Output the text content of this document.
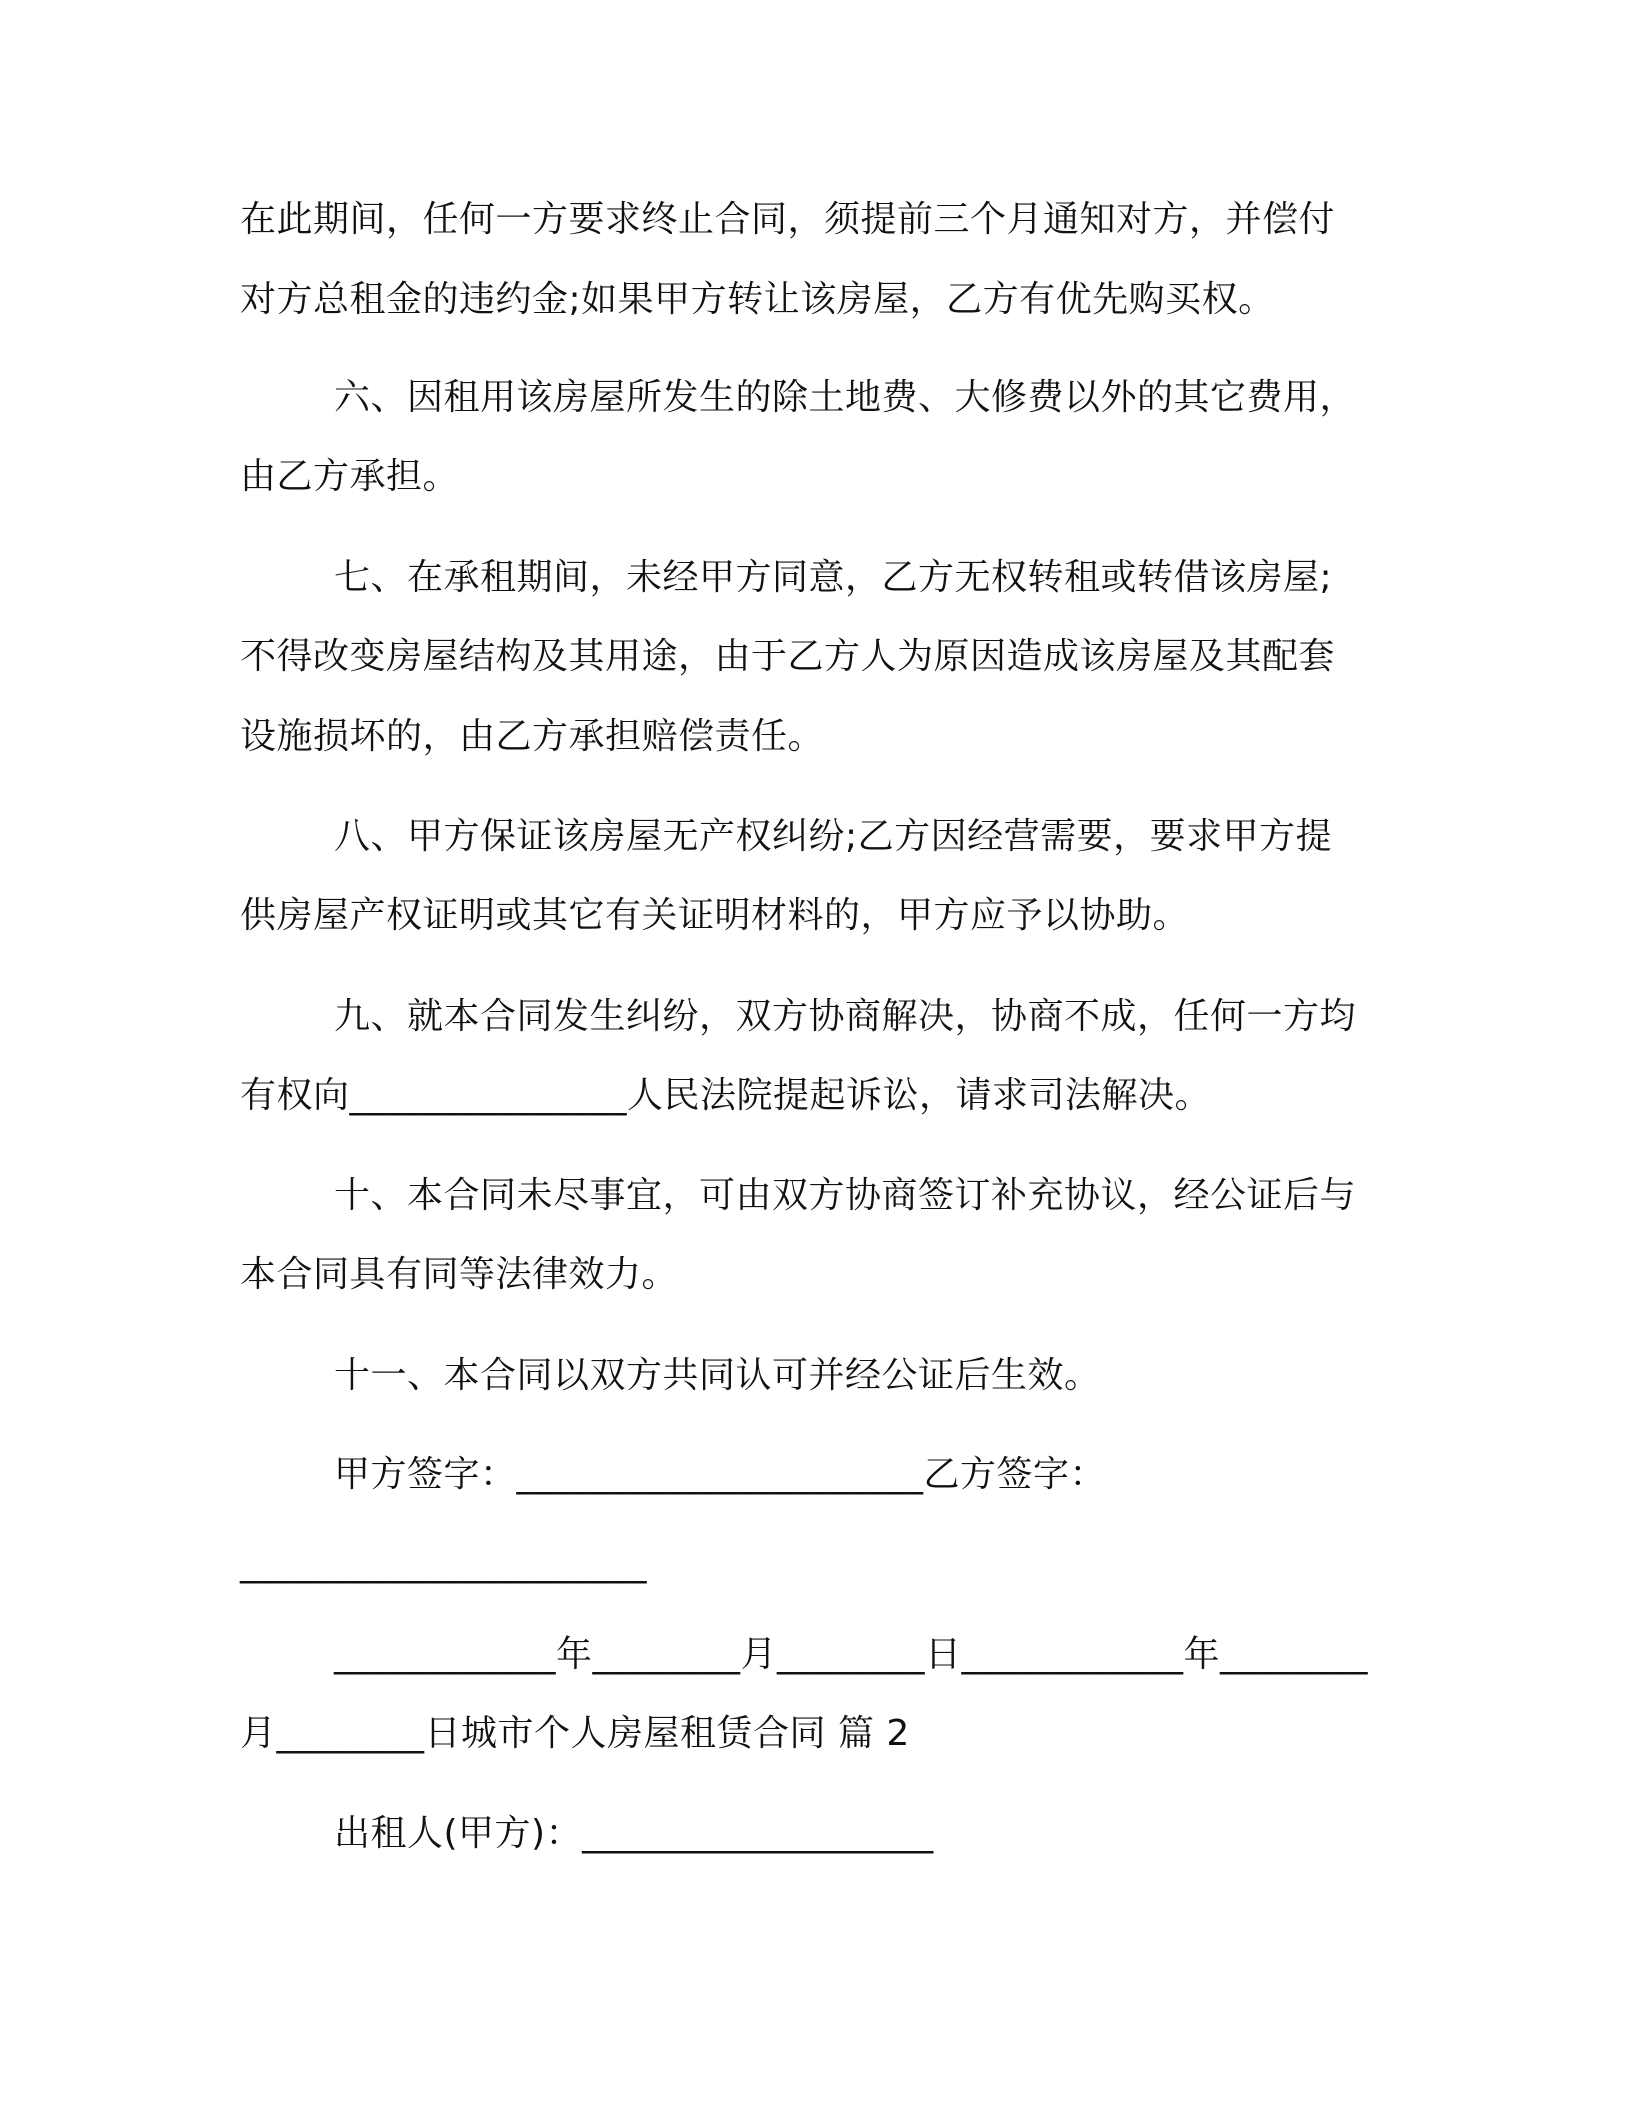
在此期间，任何一方要求终止合同，须提前三个月通知对方，并偿付
对方总租金的违约金;如果甲方转让该房屋，乙方有优先购买权。
六、因租用该房屋所发生的除土地费、大修费以外的其它费用，
由乙方承担。
七、在承租期间，未经甲方同意，乙方无权转租或转借该房屋;
不得改变房屋结构及其用途，由于乙方人为原因造成该房屋及其配套
设施损坏的，由乙方承担赔偿责任。
八、甲方保证该房屋无产权纠纷;乙方因经营需要，要求甲方提
供房屋产权证明或其它有关证明材料的，甲方应予以协助。
九、就本合同发生纠纷，双方协商解决，协商不成，任何一方均
有权向_______________人民法院提起诉讼，请求司法解决。
十、本合同未尽事宜，可由双方协商签订补充协议，经公证后与
本合同具有同等法律效力。
十一、本合同以双方共同认可并经公证后生效。
甲方签字：______________________乙方签字：
______________________
____________年________月________日____________年________
月________日城市个人房屋租赁合同 篇 2
出租人(甲方)：___________________
